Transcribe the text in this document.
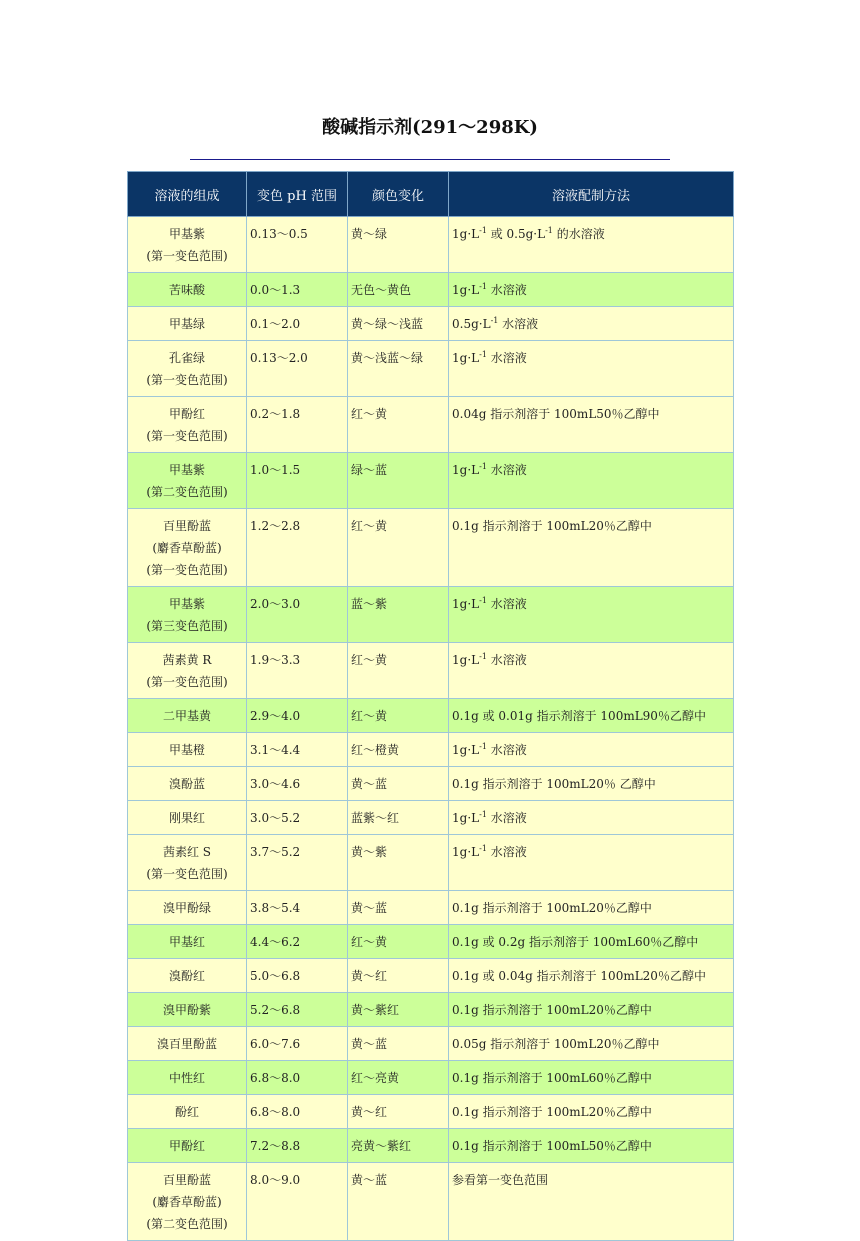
酸碱指示剂(291～298K)
溶液的组成	变色 pH 范围	颜色变化	溶液配制方法

甲基紫
(第一变色范围)	0.13～0.5	黄～绿	$1g\cdot L^{-1}$ 或 $0.5g\cdot L^{-1}$ 的水溶液

苦味酸	0.0～1.3	无色～黄色	$1g\cdot L^{-1}$ 水溶液

甲基绿	0.1～2.0	黄～绿～浅蓝	$0.5g\cdot L^{-1}$ 水溶液

孔雀绿
(第一变色范围)	0.13～2.0	黄～浅蓝～绿	$1g\cdot L^{-1}$ 水溶液

甲酚红
(第一变色范围)	0.2～1.8	红～黄	0.04g 指示剂溶于 100mL50％乙醇中

甲基紫
(第二变色范围)	1.0～1.5	绿～蓝	$1g\cdot L^{-1}$ 水溶液

百里酚蓝
(麝香草酚蓝)
(第一变色范围)	1.2～2.8	红～黄	0.1g 指示剂溶于 100mL20％乙醇中

甲基紫
(第三变色范围)	2.0～3.0	蓝～紫	$1g\cdot L^{-1}$ 水溶液

茜素黄 R
(第一变色范围)	1.9～3.3	红～黄	$1g\cdot L^{-1}$ 水溶液

二甲基黄	2.9～4.0	红～黄	0.1g 或 0.01g 指示剂溶于 100mL90％乙醇中

甲基橙	3.1～4.4	红～橙黄	$1g\cdot L^{-1}$ 水溶液

溴酚蓝	3.0～4.6	黄～蓝	0.1g 指示剂溶于 100mL20％ 乙醇中

刚果红	3.0～5.2	蓝紫～红	$1g\cdot L^{-1}$ 水溶液

茜素红 S
(第一变色范围)	3.7～5.2	黄～紫	$1g\cdot L^{-1}$ 水溶液

溴甲酚绿	3.8～5.4	黄～蓝	0.1g 指示剂溶于 100mL20％乙醇中

甲基红	4.4～6.2	红～黄	0.1g 或 0.2g 指示剂溶于 100mL60％乙醇中

溴酚红	5.0～6.8	黄～红	0.1g 或 0.04g 指示剂溶于 100mL20％乙醇中

溴甲酚紫	5.2～6.8	黄～紫红	0.1g 指示剂溶于 100mL20％乙醇中

溴百里酚蓝	6.0～7.6	黄～蓝	0.05g 指示剂溶于 100mL20％乙醇中

中性红	6.8～8.0	红～亮黄	0.1g 指示剂溶于 100mL60％乙醇中

酚红	6.8～8.0	黄～红	0.1g 指示剂溶于 100mL20％乙醇中

甲酚红	7.2～8.8	亮黄～紫红	0.1g 指示剂溶于 100mL50％乙醇中

百里酚蓝
(麝香草酚蓝)
(第二变色范围)	8.0～9.0	黄～蓝	参看第一变色范围
